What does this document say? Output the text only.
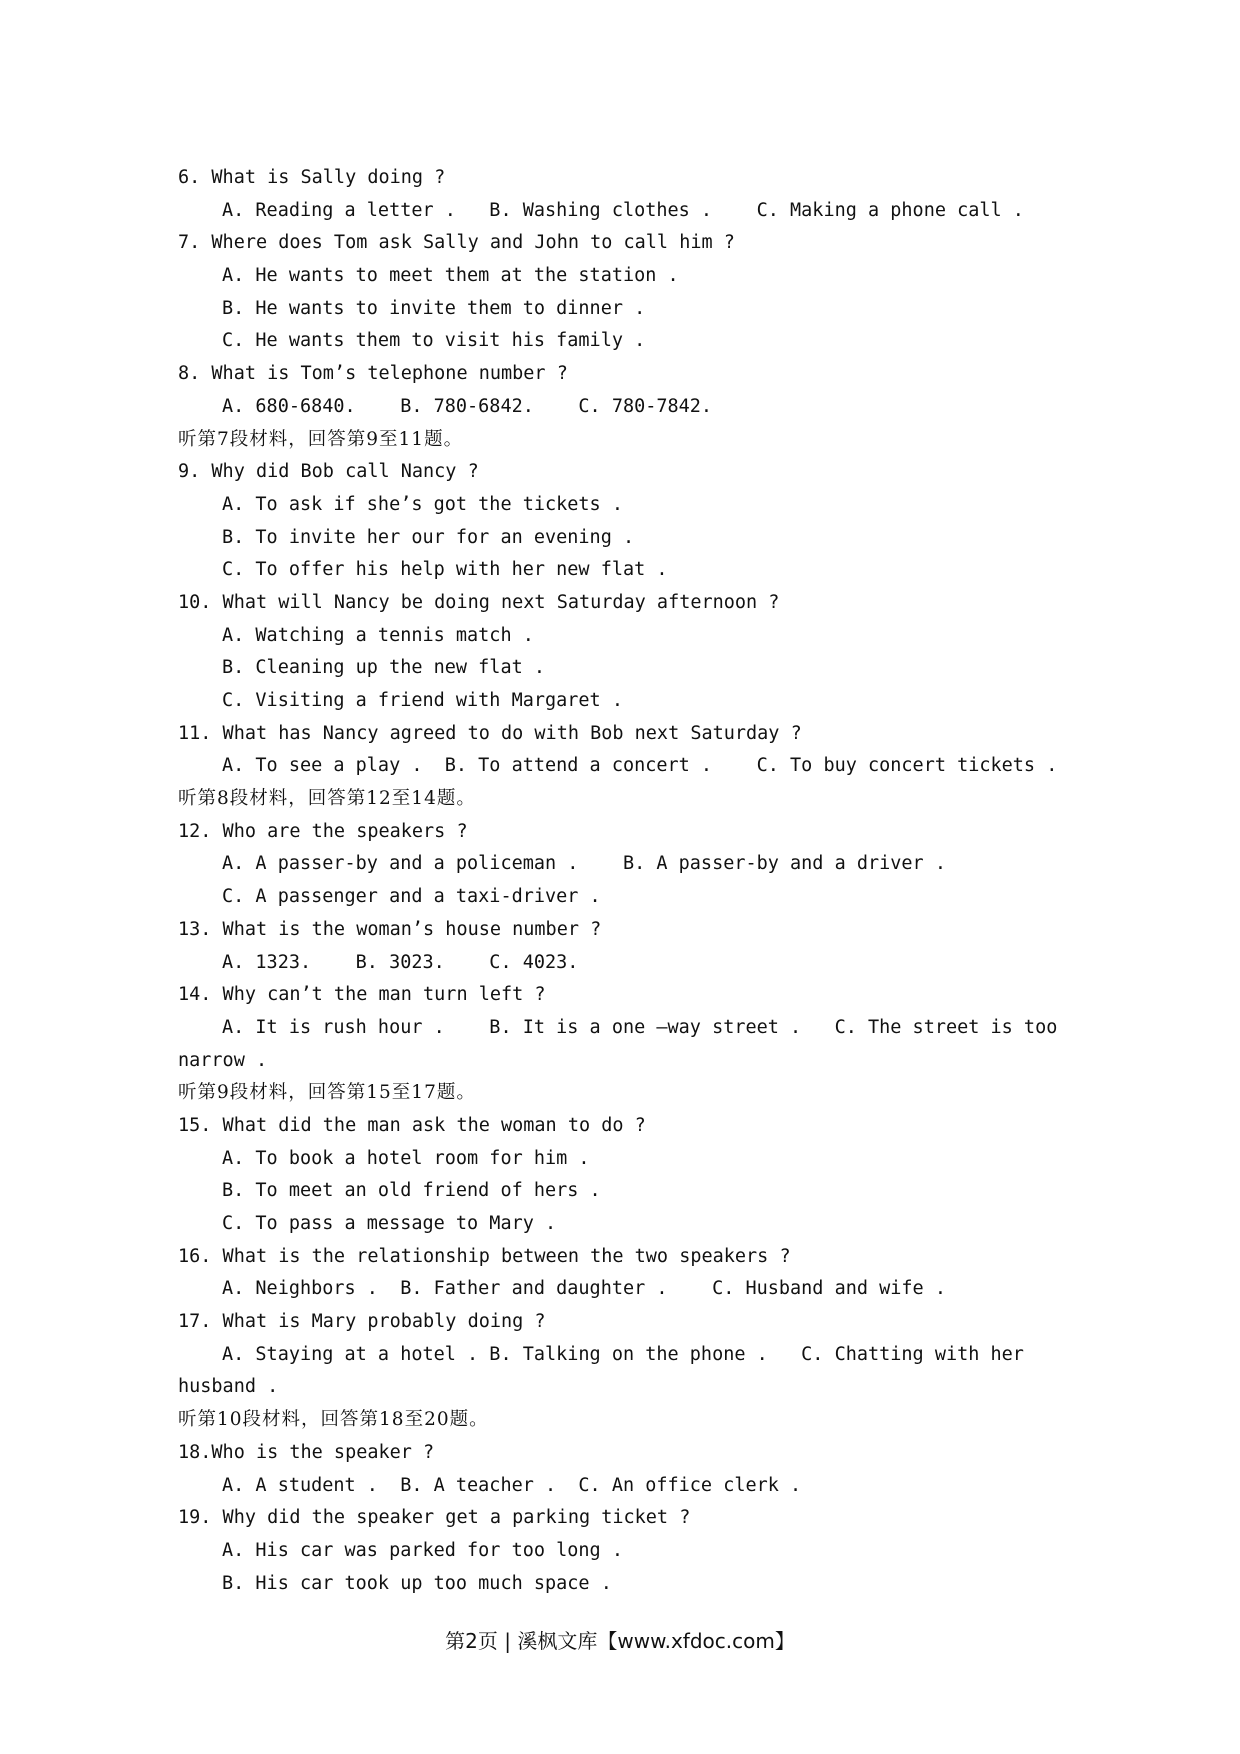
6. What is Sally doing ?
A. Reading a letter .   B. Washing clothes .    C. Making a phone call .
7. Where does Tom ask Sally and John to call him ?
A. He wants to meet them at the station .
B. He wants to invite them to dinner .
C. He wants them to visit his family .
8. What is Tom’s telephone number ?
A. 680-6840.    B. 780-6842.    C. 780-7842.
听第7段材料，回答第9至11题。
9. Why did Bob call Nancy ?
A. To ask if she’s got the tickets .
B. To invite her our for an evening .
C. To offer his help with her new flat .
10. What will Nancy be doing next Saturday afternoon ?
A. Watching a tennis match .
B. Cleaning up the new flat .
C. Visiting a friend with Margaret .
11. What has Nancy agreed to do with Bob next Saturday ?
A. To see a play .  B. To attend a concert .    C. To buy concert tickets .
听第8段材料，回答第12至14题。
12. Who are the speakers ?
A. A passer-by and a policeman .    B. A passer-by and a driver .
C. A passenger and a taxi-driver .
13. What is the woman’s house number ?
A. 1323.    B. 3023.    C. 4023.
14. Why can’t the man turn left ?
A. It is rush hour .    B. It is a one –way street .   C. The street is too
narrow .
听第9段材料，回答第15至17题。
15. What did the man ask the woman to do ?
A. To book a hotel room for him .
B. To meet an old friend of hers .
C. To pass a message to Mary .
16. What is the relationship between the two speakers ?
A. Neighbors .  B. Father and daughter .    C. Husband and wife .
17. What is Mary probably doing ?
A. Staying at a hotel . B. Talking on the phone .   C. Chatting with her
husband .
听第10段材料，回答第18至20题。
18.Who is the speaker ?
A. A student .  B. A teacher .  C. An office clerk .
19. Why did the speaker get a parking ticket ?
A. His car was parked for too long .
B. His car took up too much space .
第2页 | 溪枫文库【www.xfdoc.com】
